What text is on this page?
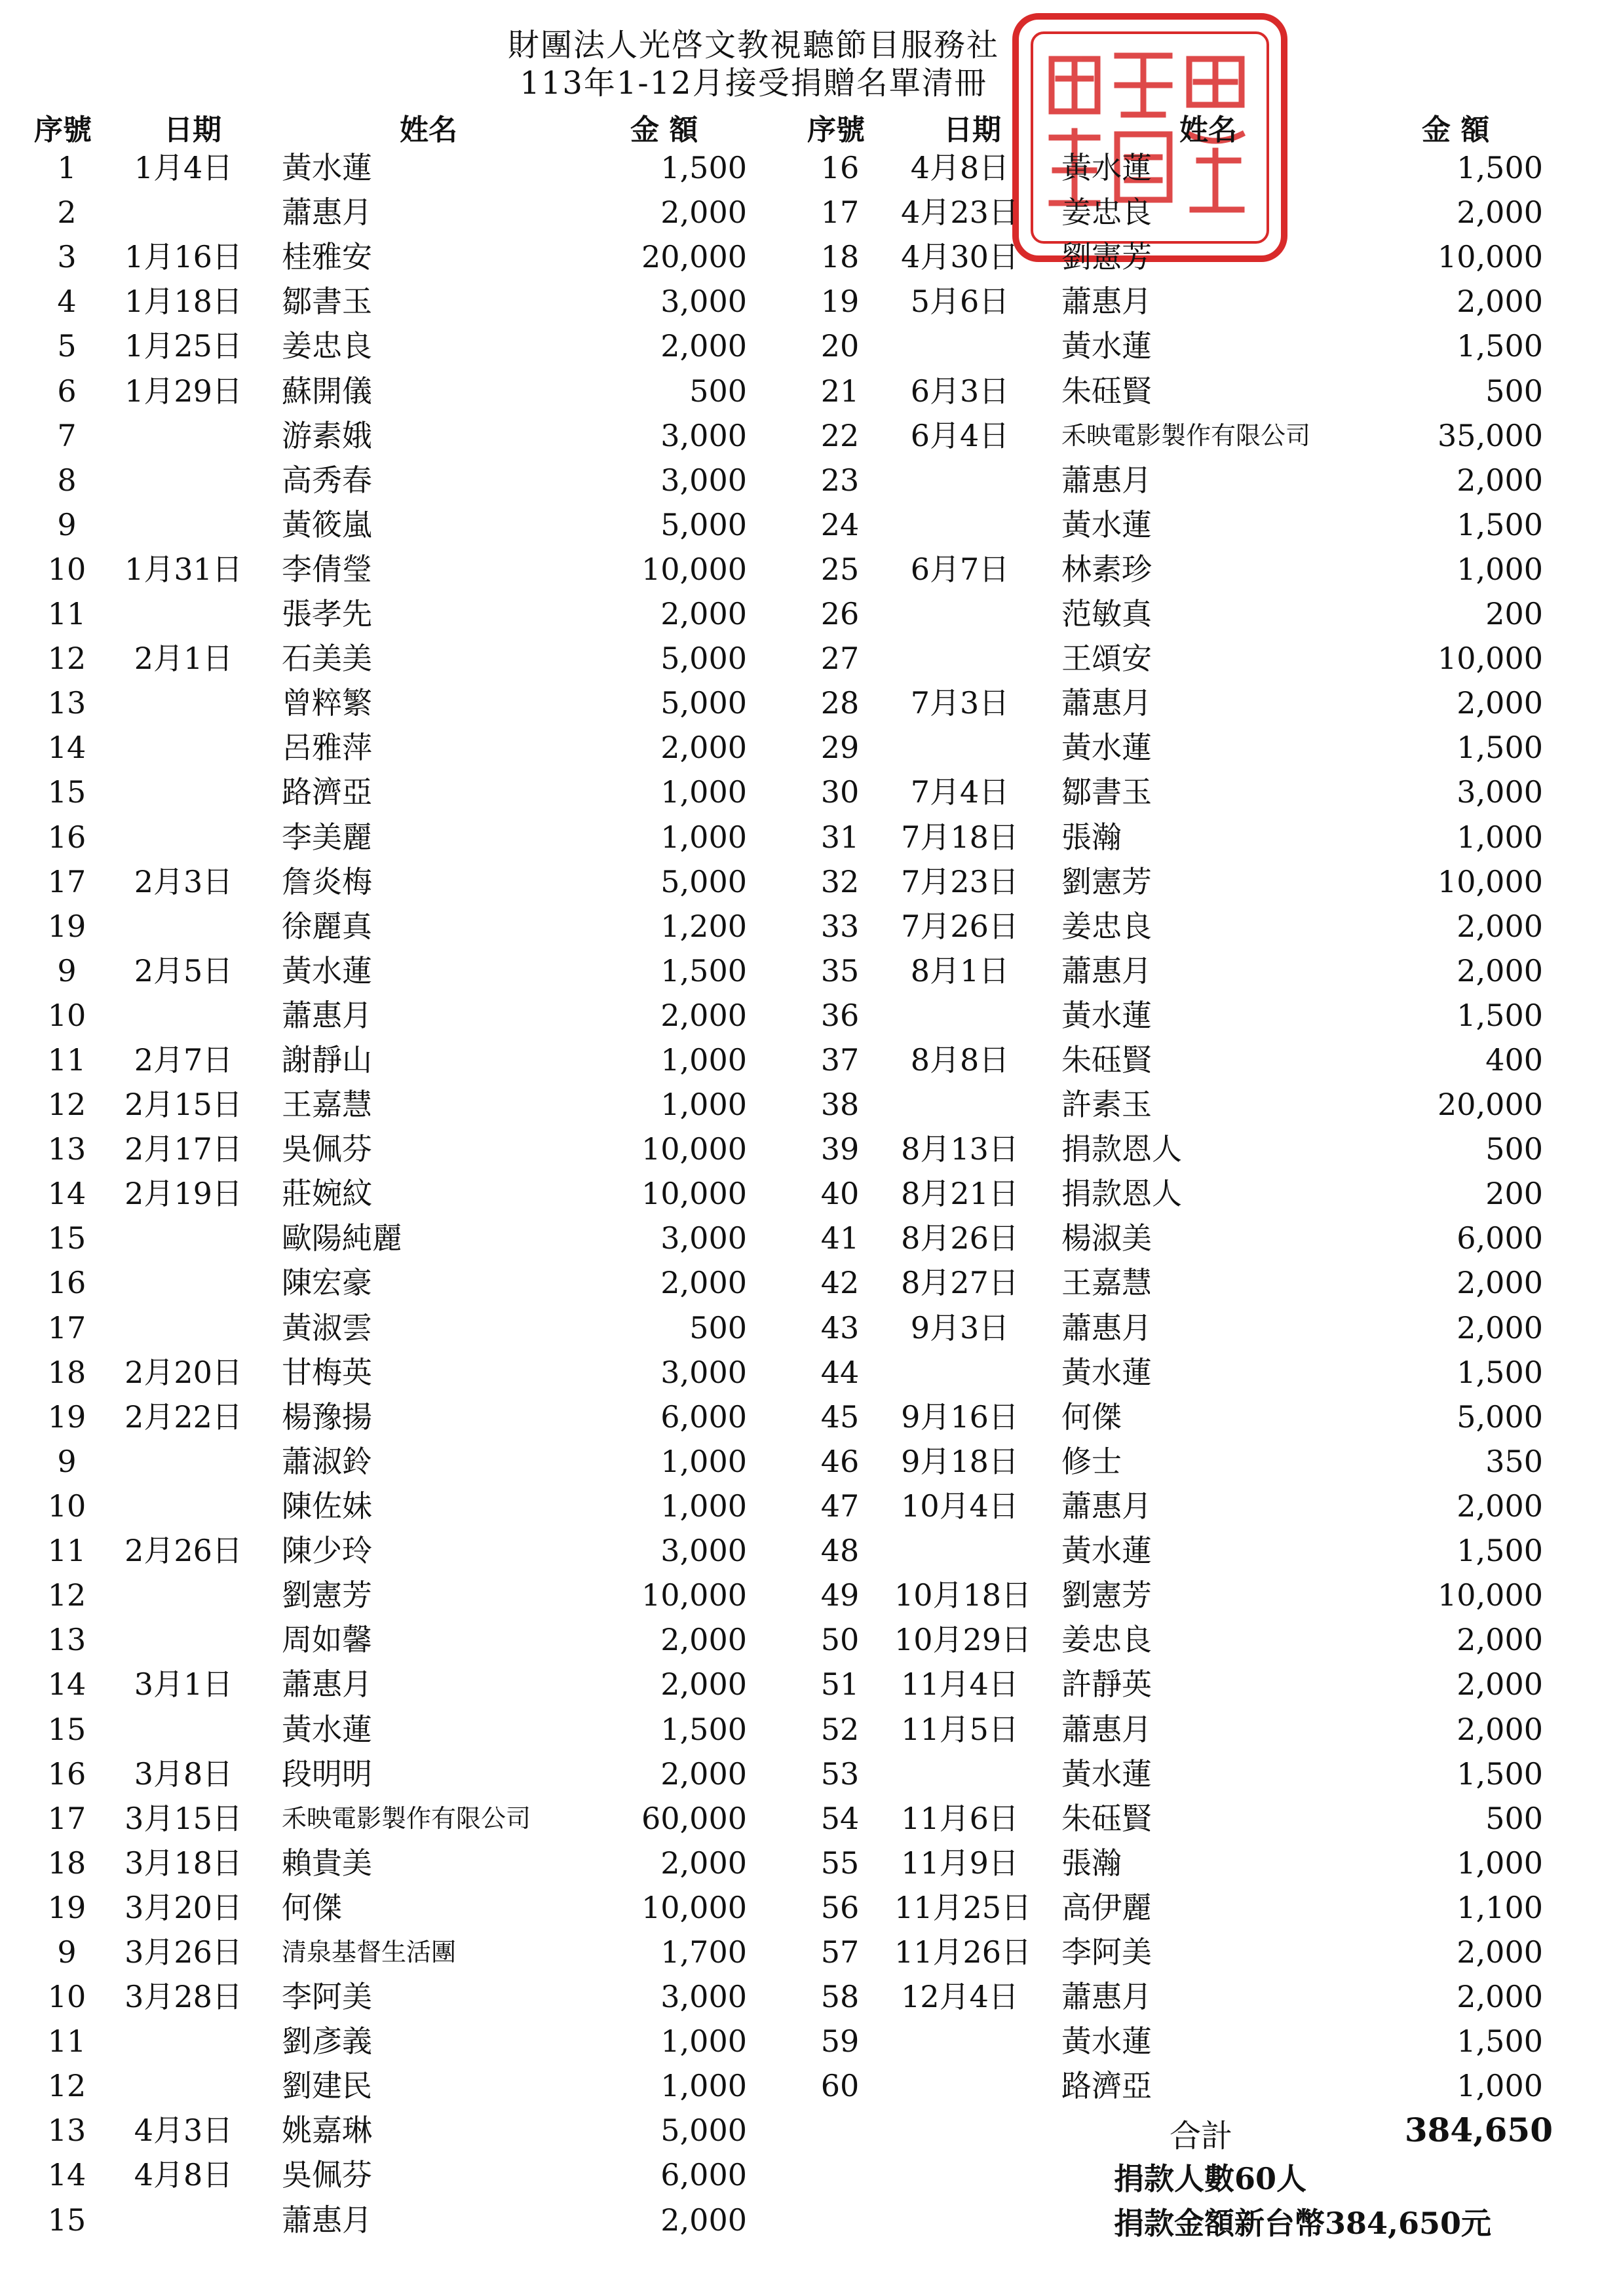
財團法人光啓文教視聽節目服務社
113年1-12月接受捐贈名單清冊
序號	日期	姓名	金 額	序號	日期	姓名	金 額
1	1月4日	黃水蓮	1,500
2	蕭惠月	2,000
3	1月16日 桂雅安	20,000
4	1月18日 鄒書玉	3,000
5	1月25日 姜忠良	2,000
6	1月29日 蘇開儀	500
7	游素娥	3,000
8	高秀春	3,000
9	黃筱嵐	5,000
10	1月31日 李倩瑩	10,000
11	張孝先	2,000
12	2月1日	石美美	5,000
13	曾粹繁	5,000
14	呂雅萍	2,000
15	路濟亞	1,000
16	李美麗	1,000
17	2月3日	詹炎梅	5,000
19	徐麗真	1,200
9	2月5日	黃水蓮	1,500
10	蕭惠月	2,000
11	2月7日	謝靜山	1,000
12	2月15日 王嘉慧	1,000
13	2月17日 吳佩芬	10,000
14	2月19日 莊婉紋	10,000
15	歐陽純麗	3,000
16	陳宏豪	2,000
17	黃淑雲	500
18	2月20日 甘梅英	3,000
19	2月22日 楊豫揚	6,000
9	蕭淑鈴	1,000
10	陳佐妹	1,000
11	2月26日 陳少玲	3,000
12	劉憲芳	10,000
13	周如馨	2,000
14	3月1日	蕭惠月	2,000
15	黃水蓮	1,500
16	3月8日	段明明	2,000
17	3月15日 禾映電影製作有限公司	60,000
18	3月18日 賴貴美	2,000
19	3月20日 何傑	10,000
9	3月26日 清泉基督生活團	1,700
10	3月28日 李阿美	3,000
11	劉彥義	1,000
12	劉建民	1,000
13	4月3日	姚嘉琳	5,000
14	4月8日	吳佩芬	6,000
15	蕭惠月	2,000
16	4月8日	黃水蓮	1,500
17	4月23日 姜忠良	2,000
18	4月30日 劉憲芳	10,000
19	5月6日	蕭惠月	2,000
20	黃水蓮	1,500
21	6月3日	朱砡賢	500
22	6月4日	禾映電影製作有限公司	35,000
23	蕭惠月	2,000
24	黃水蓮	1,500
25	6月7日	林素珍	1,000
26	范敏真	200
27	王頌安	10,000
28	7月3日	蕭惠月	2,000
29	黃水蓮	1,500
30	7月4日	鄒書玉	3,000
31	7月18日 張瀚	1,000
32	7月23日 劉憲芳	10,000
33	7月26日 姜忠良	2,000
35	8月1日	蕭惠月	2,000
36	黃水蓮	1,500
37	8月8日	朱砡賢	400
38	許素玉	20,000
39	8月13日 捐款恩人	500
40	8月21日 捐款恩人	200
41	8月26日 楊淑美	6,000
42	8月27日 王嘉慧	2,000
43	9月3日	蕭惠月	2,000
44	黃水蓮	1,500
45	9月16日 何傑	5,000
46	9月18日 修士	350
47	10月4日 蕭惠月	2,000
48	黃水蓮	1,500
49	10月18日 劉憲芳	10,000
50	10月29日 姜忠良	2,000
51	11月4日 許靜英	2,000
52	11月5日 蕭惠月	2,000
53	黃水蓮	1,500
54	11月6日 朱砡賢	500
55	11月9日 張瀚	1,000
56	11月25日 高伊麗	1,100
57	11月26日 李阿美	2,000
58	12月4日 蕭惠月	2,000
59	黃水蓮	1,500
60	路濟亞	1,000
合計	384,650
捐款人數60人
捐款金額新台幣384,650元
